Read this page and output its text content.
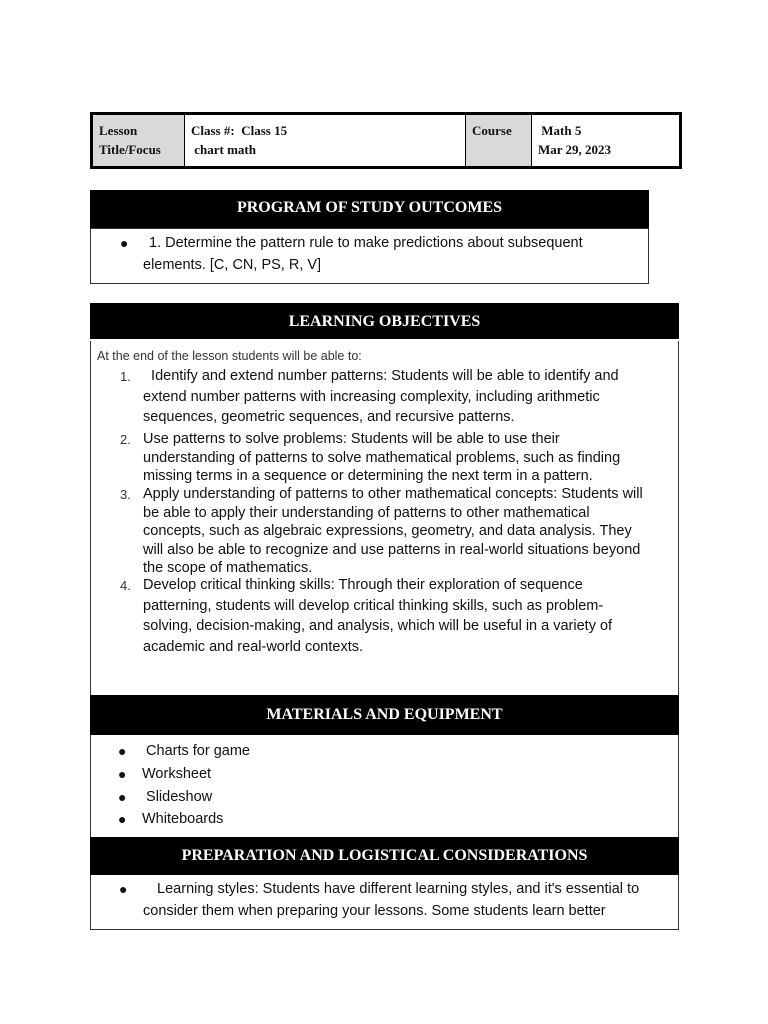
Lesson
Title/Focus
Class #:  Class 15
chart math
Course	Math 5
Mar 29, 2023
PROGRAM OF STUDY OUTCOMES
● 1. Determine the pattern rule to make predictions about subsequent
elements. [C, CN, PS, R, V]
LEARNING OBJECTIVES
At the end of the lesson students will be able to:
1. Identify and extend number patterns: Students will be able to identify and
extend number patterns with increasing complexity, including arithmetic
sequences, geometric sequences, and recursive patterns.
2. Use patterns to solve problems: Students will be able to use their
understanding of patterns to solve mathematical problems, such as finding
missing terms in a sequence or determining the next term in a pattern.
3. Apply understanding of patterns to other mathematical concepts: Students will
be able to apply their understanding of patterns to other mathematical
concepts, such as algebraic expressions, geometry, and data analysis. They
will also be able to recognize and use patterns in real-world situations beyond
the scope of mathematics.
4. Develop critical thinking skills: Through their exploration of sequence
patterning, students will develop critical thinking skills, such as problem-
solving, decision-making, and analysis, which will be useful in a variety of
academic and real-world contexts.
MATERIALS AND EQUIPMENT
● Charts for game
● Worksheet
● Slideshow
● Whiteboards
PREPARATION AND LOGISTICAL CONSIDERATIONS
● Learning styles: Students have different learning styles, and it's essential to
consider them when preparing your lessons. Some students learn better
